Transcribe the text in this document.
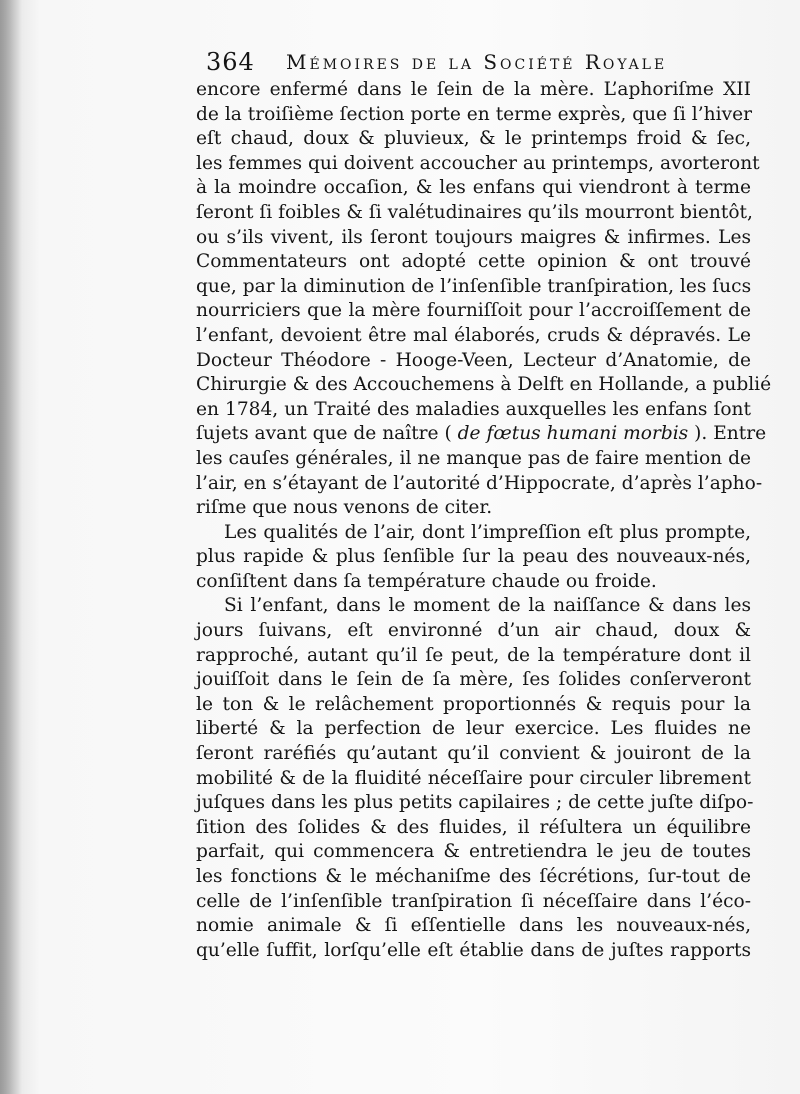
364 Mémoires de la Société Royale
encore enfermé dans le ſein de la mère. L’aphoriſme XII
de la troiſième ſection porte en terme exprès, que ſi l’hiver
eſt chaud, doux & pluvieux, & le printemps froid & ſec,
les femmes qui doivent accoucher au printemps, avorteront
à la moindre occaſion, & les enfans qui viendront à terme
ſeront ſi foibles & ſi valétudinaires qu’ils mourront bientôt,
ou s’ils vivent, ils ſeront toujours maigres & infirmes. Les
Commentateurs ont adopté cette opinion & ont trouvé
que, par la diminution de l’inſenſible tranſpiration, les ſucs
nourriciers que la mère fourniſſoit pour l’accroiſſement de
l’enfant, devoient être mal élaborés, cruds & dépravés. Le
Docteur Théodore - Hooge-Veen, Lecteur d’Anatomie, de
Chirurgie & des Accouchemens à Delft en Hollande, a publié
en 1784, un Traité des maladies auxquelles les enfans ſont
ſujets avant que de naître ( de fœtus humani morbis ). Entre
les cauſes générales, il ne manque pas de faire mention de
l’air, en s’étayant de l’autorité d’Hippocrate, d’après l’apho-
riſme que nous venons de citer.
Les qualités de l’air, dont l’impreſſion eſt plus prompte,
plus rapide & plus ſenſible ſur la peau des nouveaux-nés,
conſiſtent dans ſa température chaude ou froide.
Si l’enfant, dans le moment de la naiſſance & dans les
jours ſuivans, eſt environné d’un air chaud, doux &
rapproché, autant qu’il ſe peut, de la température dont il
jouiſſoit dans le ſein de ſa mère, ſes ſolides conſerveront
le ton & le relâchement proportionnés & requis pour la
liberté & la perfection de leur exercice. Les fluides ne
ſeront raréfiés qu’autant qu’il convient & jouiront de la
mobilité & de la fluidité néceſſaire pour circuler librement
juſques dans les plus petits capilaires ; de cette juſte diſpo-
ſition des ſolides & des fluides, il réſultera un équilibre
parfait, qui commencera & entretiendra le jeu de toutes
les fonctions & le méchaniſme des ſécrétions, ſur-tout de
celle de l’inſenſible tranſpiration ſi néceſſaire dans l’éco-
nomie animale & ſi eſſentielle dans les nouveaux-nés,
qu’elle ſuffit, lorſqu’elle eſt établie dans de juſtes rapports
